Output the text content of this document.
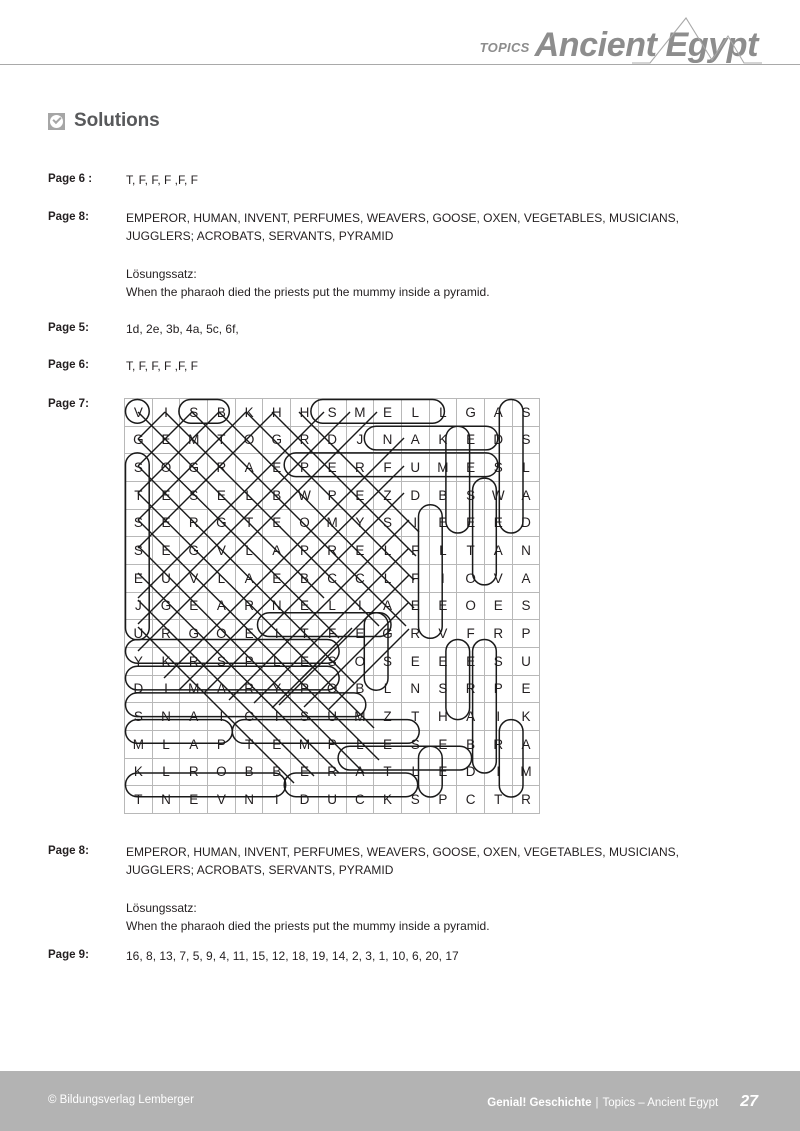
TOPICS Ancient Egypt
Solutions
Page 6 :	T, F, F, F ,F, F
Page 8:	EMPEROR, HUMAN, INVENT, PERFUMES, WEAVERS, GOOSE, OXEN, VEGETABLES, MUSICIANS,
JUGGLERS; ACROBATS, SERVANTS, PYRAMID
Lösungssatz:
When the pharaoh died the priests put the mummy inside a pyramid.
Page 5:	1d, 2e, 3b, 4a, 5c, 6f,
Page 6:	T, F, F, F ,F, F
Page 7:
V	I	S	B	K	H	H	S	M	E	L	L	G	A	S
G	E	M	T	O	G	R	D	J	N	A	K	E	D	S
S	O	G	R	A	E	P	E	R	F	U	M	E	S	L
T	E	S	E	L	B	W	P	E	Z	D	B	S	W	A
S	E	R	G	T	E	O	M	Y	S	I	E	E	E	D
S	E	G	V	L	A	P	R	E	L	F	L	T	A	N
E	U	V	L	A	E	B	C	C	L	F	I	O	V	A
J	G	E	A	R	N	E	L	I	A	E	E	O	E	S
U	R	G	O	E	I	T	F	E	G	R	V	F	R	P
Y	K	R	S	P	L	E	S	O	S	E	E	E	S	U
D	I	M	A	R	Y	P	O	B	L	N	S	R	P	E
S	N	A	I	C	I	S	U	M	Z	T	H	A	I	K
M	L	A	P	T	E	M	P	L	E	S	E	B	R	A
K	L	R	O	B	B	E	R	A	T	L	E	D	I	M
T	N	E	V	N	I	D	U	C	K	S	P	C	T	R
Page 8:	EMPEROR, HUMAN, INVENT, PERFUMES, WEAVERS, GOOSE, OXEN, VEGETABLES, MUSICIANS,
JUGGLERS; ACROBATS, SERVANTS, PYRAMID
Lösungssatz:
When the pharaoh died the priests put the mummy inside a pyramid.
Page 9:	16, 8, 13, 7, 5, 9, 4, 11, 15, 12, 18, 19, 14, 2, 3, 1, 10, 6, 20, 17
© Bildungsverlag Lemberger	Genial! Geschichte | Topics – Ancient Egypt 27
